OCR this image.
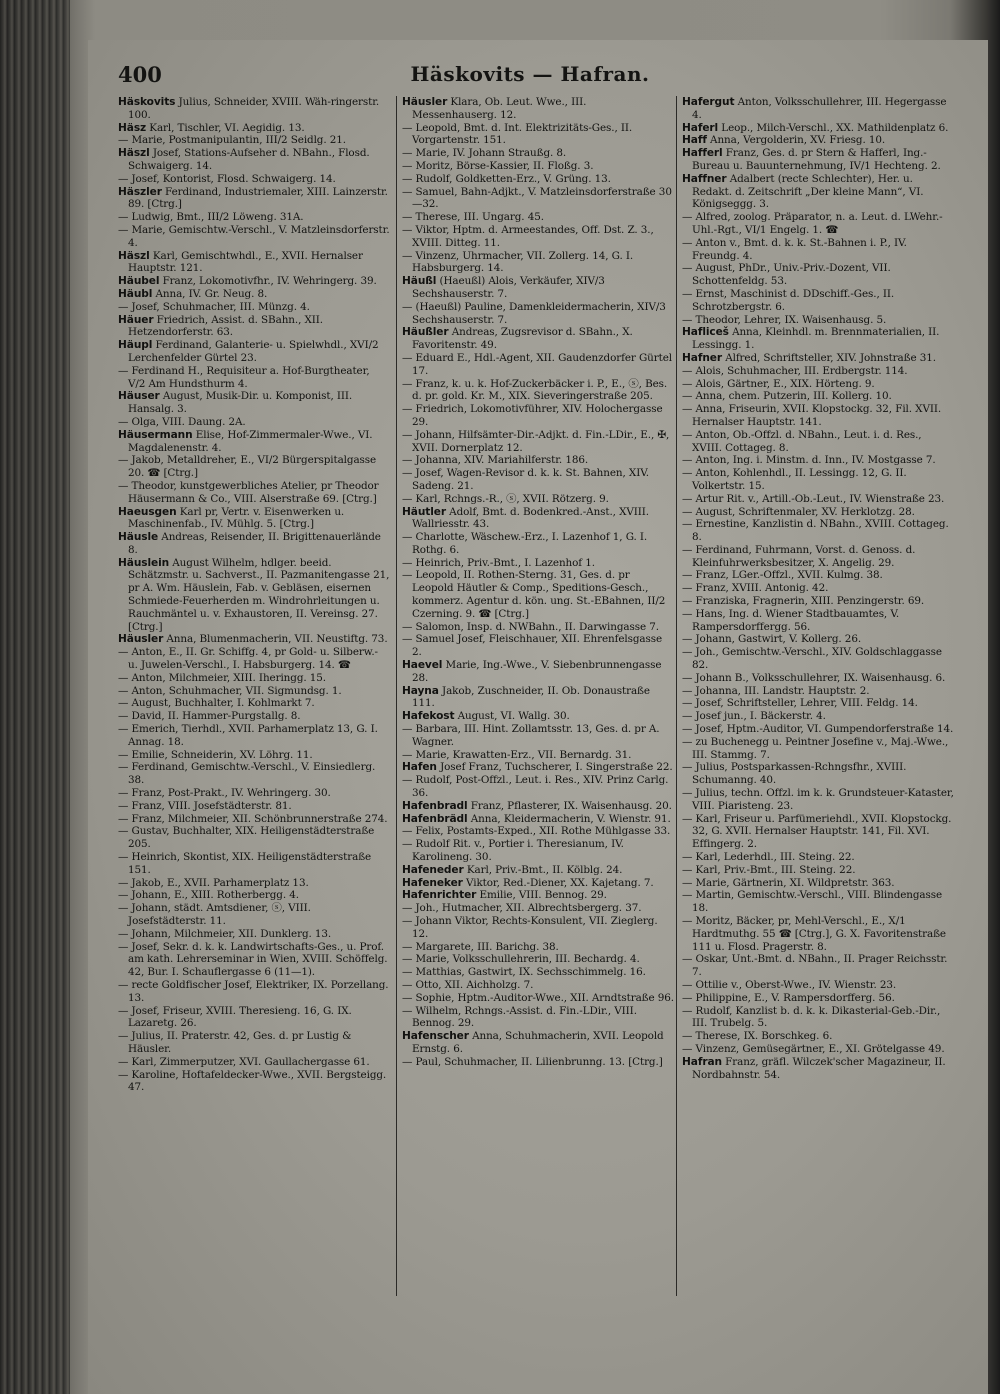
400	Häskovits — Hafran.

Häskovits Julius, Schneider, XVIII. Wäh-ringerstr. 100.

Häsz Karl, Tischler, VI. Aegidig. 13.

— Marie, Postmanipulantin, III/2 Seidlg. 21.

Häszl Josef, Stations-Aufseher d. NBahn., Flosd. Schwaigerg. 14.

— Josef, Kontorist, Flosd. Schwaigerg. 14.

Häszler Ferdinand, Industriemaler, XIII. Lainzerstr. 89. [Ctrg.]

— Ludwig, Bmt., III/2 Löweng. 31A.

— Marie, Gemischtw.-Verschl., V. Matzleinsdorferstr. 4.

Häszl Karl, Gemischtwhdl., E., XVII. Hernalser Hauptstr. 121.

Häubel Franz, Lokomotivfhr., IV. Wehringerg. 39.

Häubl Anna, IV. Gr. Neug. 8.

— Josef, Schuhmacher, III. Münzg. 4.

Häuer Friedrich, Assist. d. SBahn., XII. Hetzendorferstr. 63.

Häupl Ferdinand, Galanterie- u. Spielwhdl., XVI/2 Lerchenfelder Gürtel 23.

— Ferdinand H., Requisiteur a. Hof-Burgtheater, V/2 Am Hundsthurm 4.

Häuser August, Musik-Dir. u. Komponist, III. Hansalg. 3.

— Olga, VIII. Daung. 2A.

Häusermann Elise, Hof-Zimmermaler-Wwe., VI. Magdalenenstr. 4.

— Jakob, Metalldreher, E., VI/2 Bürgerspitalgasse 20. ☎ [Ctrg.]

— Theodor, kunstgewerbliches Atelier, pr Theodor Häusermann & Co., VIII. Alserstraße 69. [Ctrg.]

Haeusgen Karl pr, Vertr. v. Eisenwerken u. Maschinenfab., IV. Mühlg. 5. [Ctrg.]

Häusle Andreas, Reisender, II. Brigittenauerlände 8.

Häuslein August Wilhelm, hdlger. beeid. Schätzmstr. u. Sachverst., II. Pazmanitengasse 21, pr A. Wm. Häuslein, Fab. v. Gebläsen, eisernen Schmiede-Feuerherden m. Windrohrleitungen u. Rauchmäntel u. v. Exhaustoren, II. Vereinsg. 27. [Ctrg.]

Häusler Anna, Blumenmacherin, VII. Neustiftg. 73.

— Anton, E., II. Gr. Schiffg. 4, pr Gold- u. Silberw.- u. Juwelen-Verschl., I. Habsburgerg. 14. ☎

— Anton, Milchmeier, XIII. Iheringg. 15.

— Anton, Schuhmacher, VII. Sigmundsg. 1.

— August, Buchhalter, I. Kohlmarkt 7.

— David, II. Hammer-Purgstallg. 8.

— Emerich, Tierhdl., XVII. Parhamerplatz 13, G. I. Annag. 18.

— Emilie, Schneiderin, XV. Löhrg. 11.

— Ferdinand, Gemischtw.-Verschl., V. Einsiedlerg. 38.

— Franz, Post-Prakt., IV. Wehringerg. 30.

— Franz, VIII. Josefstädterstr. 81.

— Franz, Milchmeier, XII. Schönbrunnerstraße 274.

— Gustav, Buchhalter, XIX. Heiligenstädterstraße 205.

— Heinrich, Skontist, XIX. Heiligenstädterstraße 151.

— Jakob, E., XVII. Parhamerplatz 13.

— Johann, E., XIII. Rotherbergg. 4.

— Johann, städt. Amtsdiener, ⓢ, VIII. Josefstädterstr. 11.

— Johann, Milchmeier, XII. Dunklerg. 13.

— Josef, Sekr. d. k. k. Landwirtschafts-Ges., u. Prof. am kath. Lehrerseminar in Wien, XVIII. Schöffelg. 42, Bur. I. Schauflergasse 6 (11—1).

— recte Goldfischer Josef, Elektriker, IX. Porzellang. 13.

— Josef, Friseur, XVIII. Theresieng. 16, G. IX. Lazaretg. 26.

— Julius, II. Praterstr. 42, Ges. d. pr Lustig & Häusler.

— Karl, Zimmerputzer, XVI. Gaullachergasse 61.

— Karoline, Hoftafeldecker-Wwe., XVII. Bergsteigg. 47.

Häusler Klara, Ob. Leut. Wwe., III. Messenhauserg. 12.

— Leopold, Bmt. d. Int. Elektrizitäts-Ges., II. Vorgartenstr. 151.

— Marie, IV. Johann Straußg. 8.

— Moritz, Börse-Kassier, II. Floßg. 3.

— Rudolf, Goldketten-Erz., V. Grüng. 13.

— Samuel, Bahn-Adjkt., V. Matzleinsdorferstraße 30—32.

— Therese, III. Ungarg. 45.

— Viktor, Hptm. d. Armeestandes, Off. Dst. Z. 3., XVIII. Ditteg. 11.

— Vinzenz, Uhrmacher, VII. Zollerg. 14, G. I. Habsburgerg. 14.

Häußl (Haeußl) Alois, Verkäufer, XIV/3 Sechshauserstr. 7.

— (Haeußl) Pauline, Damenkleidermacherin, XIV/3 Sechshauserstr. 7.

Häußler Andreas, Zugsrevisor d. SBahn., X. Favoritenstr. 49.

— Eduard E., Hdl.-Agent, XII. Gaudenzdorfer Gürtel 17.

— Franz, k. u. k. Hof-Zuckerbäcker i. P., E., ⓢ, Bes. d. pr. gold. Kr. M., XIX. Sieveringerstraße 205.

— Friedrich, Lokomotivführer, XIV. Holochergasse 29.

— Johann, Hilfsämter-Dir.-Adjkt. d. Fin.-LDir., E., ✠, XVII. Dornerplatz 12.

— Johanna, XIV. Mariahilferstr. 186.

— Josef, Wagen-Revisor d. k. k. St. Bahnen, XIV. Sadeng. 21.

— Karl, Rchngs.-R., ⓢ, XVII. Rötzerg. 9.

Häutler Adolf, Bmt. d. Bodenkred.-Anst., XVIII. Wallriesstr. 43.

— Charlotte, Wäschew.-Erz., I. Lazenhof 1, G. I. Rothg. 6.

— Heinrich, Priv.-Bmt., I. Lazenhof 1.

— Leopold, II. Rothen-Sterng. 31, Ges. d. pr Leopold Häutler & Comp., Speditions-Gesch., kommerz. Agentur d. kön. ung. St.-EBahnen, II/2 Czerning. 9. ☎ [Ctrg.]

— Salomon, Insp. d. NWBahn., II. Darwingasse 7.

— Samuel Josef, Fleischhauer, XII. Ehrenfelsgasse 2.

Haevel Marie, Ing.-Wwe., V. Siebenbrunnengasse 28.

Hayna Jakob, Zuschneider, II. Ob. Donaustraße 111.

Hafekost August, VI. Wallg. 30.

— Barbara, III. Hint. Zollamtsstr. 13, Ges. d. pr A. Wagner.

— Marie, Krawatten-Erz., VII. Bernardg. 31.

Hafen Josef Franz, Tuchscherer, I. Singerstraße 22.

— Rudolf, Post-Offzl., Leut. i. Res., XIV. Prinz Carlg. 36.

Hafenbradl Franz, Pflasterer, IX. Waisenhausg. 20.

Hafenbrädl Anna, Kleidermacherin, V. Wienstr. 91.

— Felix, Postamts-Exped., XII. Rothe Mühlgasse 33.

— Rudolf Rit. v., Portier i. Theresianum, IV. Karolineng. 30.

Hafeneder Karl, Priv.-Bmt., II. Kölblg. 24.

Hafeneker Viktor, Red.-Diener, XX. Kajetang. 7.

Hafenrichter Emilie, VIII. Bennog. 29.

— Joh., Hutmacher, XII. Albrechtsbergerg. 37.

— Johann Viktor, Rechts-Konsulent, VII. Zieglerg. 12.

— Margarete, III. Barichg. 38.

— Marie, Volksschullehrerin, III. Bechardg. 4.

— Matthias, Gastwirt, IX. Sechsschimmelg. 16.

— Otto, XII. Aichholzg. 7.

— Sophie, Hptm.-Auditor-Wwe., XII. Arndtstraße 96.

— Wilhelm, Rchngs.-Assist. d. Fin.-LDir., VIII. Bennog. 29.

Hafenscher Anna, Schuhmacherin, XVII. Leopold Ernstg. 6.

— Paul, Schuhmacher, II. Lilienbrunng. 13. [Ctrg.]

Hafergut Anton, Volksschullehrer, III. Hegergasse 4.

Haferl Leop., Milch-Verschl., XX. Mathildenplatz 6.

Haff Anna, Vergolderin, XV. Friesg. 10.

Hafferl Franz, Ges. d. pr Stern & Hafferl, Ing.-Bureau u. Bauunternehmung, IV/1 Hechteng. 2.

Haffner Adalbert (recte Schlechter), Her. u. Redakt. d. Zeitschrift „Der kleine Mann“, VI. Königseggg. 3.

— Alfred, zoolog. Präparator, n. a. Leut. d. LWehr.-Uhl.-Rgt., VI/1 Engelg. 1. ☎

— Anton v., Bmt. d. k. k. St.-Bahnen i. P., IV. Freundg. 4.

— August, PhDr., Univ.-Priv.-Dozent, VII. Schottenfeldg. 53.

— Ernst, Maschinist d. DDschiff.-Ges., II. Schrotzbergstr. 6.

— Theodor, Lehrer, IX. Waisenhausg. 5.

Hafliceš Anna, Kleinhdl. m. Brennmaterialien, II. Lessingg. 1.

Hafner Alfred, Schriftsteller, XIV. Johnstraße 31.

— Alois, Schuhmacher, III. Erdbergstr. 114.

— Alois, Gärtner, E., XIX. Hörteng. 9.

— Anna, chem. Putzerin, III. Kollerg. 10.

— Anna, Friseurin, XVII. Klopstockg. 32, Fil. XVII. Hernalser Hauptstr. 141.

— Anton, Ob.-Offzl. d. NBahn., Leut. i. d. Res., XVIII. Cottageg. 8.

— Anton, Ing. i. Minstm. d. Inn., IV. Mostgasse 7.

— Anton, Kohlenhdl., II. Lessingg. 12, G. II. Volkertstr. 15.

— Artur Rit. v., Artill.-Ob.-Leut., IV. Wienstraße 23.

— August, Schriftenmaler, XV. Herklotzg. 28.

— Ernestine, Kanzlistin d. NBahn., XVIII. Cottageg. 8.

— Ferdinand, Fuhrmann, Vorst. d. Genoss. d. Kleinfuhrwerksbesitzer, X. Angelig. 29.

— Franz, LGer.-Offzl., XVII. Kulmg. 38.

— Franz, XVIII. Antonig. 42.

— Franziska, Fragnerin, XIII. Penzingerstr. 69.

— Hans, Ing. d. Wiener Stadtbauamtes, V. Rampersdorffergg. 56.

— Johann, Gastwirt, V. Kollerg. 26.

— Joh., Gemischtw.-Verschl., XIV. Goldschlaggasse 82.

— Johann B., Volksschullehrer, IX. Waisenhausg. 6.

— Johanna, III. Landstr. Hauptstr. 2.

— Josef, Schriftsteller, Lehrer, VIII. Feldg. 14.

— Josef jun., I. Bäckerstr. 4.

— Josef, Hptm.-Auditor, VI. Gumpendorferstraße 14.

— zu Buchenegg u. Peintner Josefine v., Maj.-Wwe., III. Stammg. 7.

— Julius, Postsparkassen-Rchngsfhr., XVIII. Schumanng. 40.

— Julius, techn. Offzl. im k. k. Grundsteuer-Kataster, VIII. Piaristeng. 23.

— Karl, Friseur u. Parfümeriehdl., XVII. Klopstockg. 32, G. XVII. Hernalser Hauptstr. 141, Fil. XVI. Effingerg. 2.

— Karl, Lederhdl., III. Steing. 22.

— Karl, Priv.-Bmt., III. Steing. 22.

— Marie, Gärtnerin, XI. Wildpretstr. 363.

— Martin, Gemischtw.-Verschl., VIII. Blindengasse 18.

— Moritz, Bäcker, pr, Mehl-Verschl., E., X/1 Hardtmuthg. 55 ☎ [Ctrg.], G. X. Favoritenstraße 111 u. Flosd. Pragerstr. 8.

— Oskar, Unt.-Bmt. d. NBahn., II. Prager Reichsstr. 7.

— Ottilie v., Oberst-Wwe., IV. Wienstr. 23.

— Philippine, E., V. Rampersdorfferg. 56.

— Rudolf, Kanzlist b. d. k. k. Dikasterial-Geb.-Dir., III. Trubelg. 5.

— Therese, IX. Borschkeg. 6.

— Vinzenz, Gemüsegärtner, E., XI. Grötelgasse 49.

Hafran Franz, gräfl. Wilczek'scher Magazineur, II. Nordbahnstr. 54.
